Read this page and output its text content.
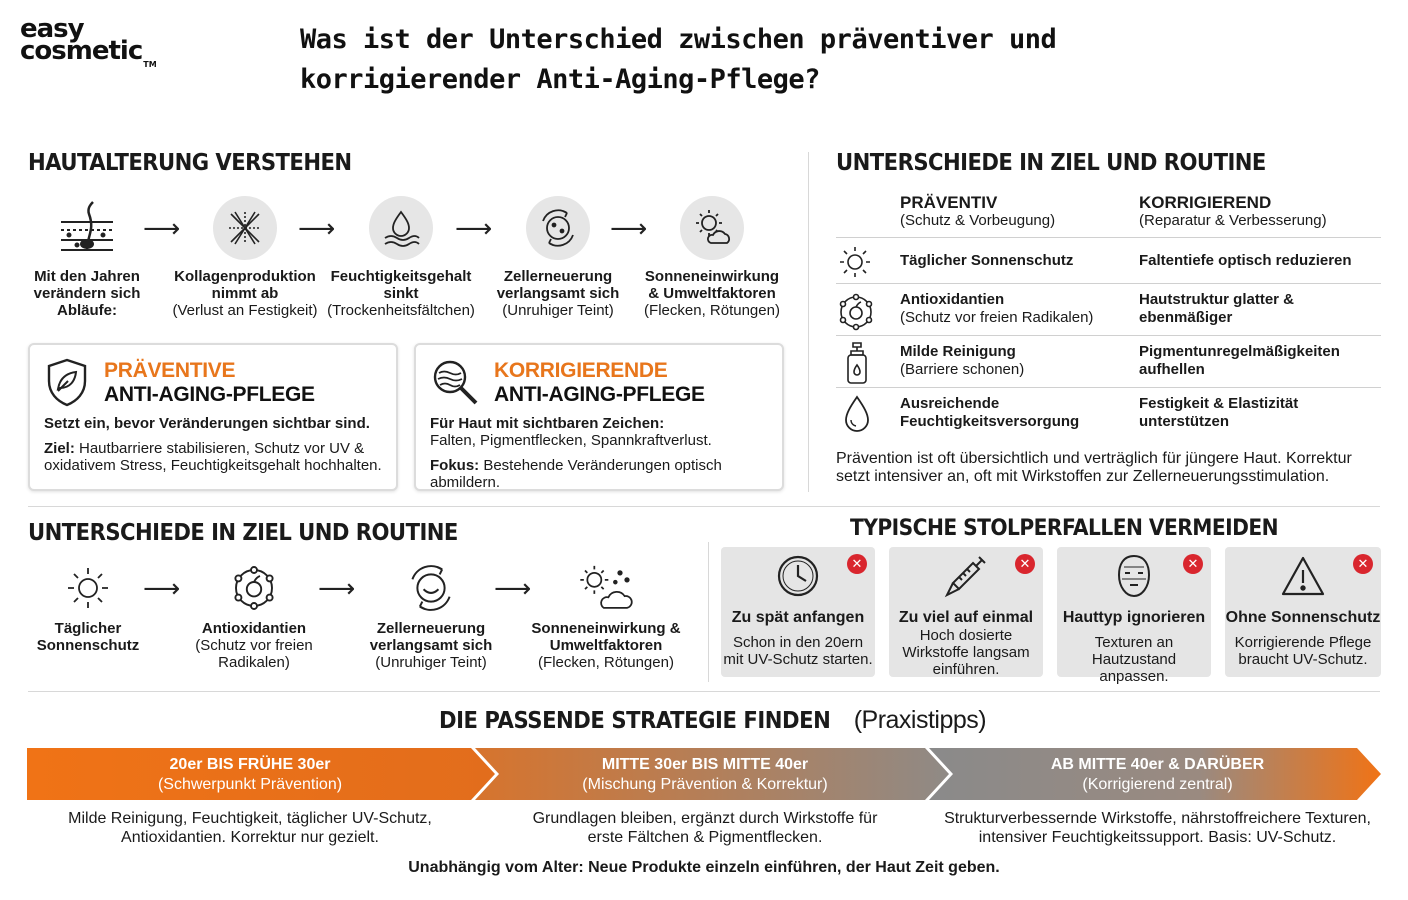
easy
cosmetic™
Was ist der Unterschied zwischen präventiver und
korrigierender Anti-Aging-Pflege?
HAUTALTERUNG VERSTEHEN
Mit den Jahren
verändern sich
Abläufe:
⟶
Kollagenproduktion
nimmt ab
(Verlust an Festigkeit)
⟶
Feuchtigkeitsgehalt
sinkt
(Trockenheitsfältchen)
⟶
Zellerneuerung
verlangsamt sich
(Unruhiger Teint)
⟶
Sonneneinwirkung
& Umweltfaktoren
(Flecken, Rötungen)
PRÄVENTIVE
ANTI-AGING-PFLEGE
Setzt ein, bevor Veränderungen sichtbar sind.
Ziel: Hautbarriere stabilisieren, Schutz vor UV &
oxidativem Stress, Feuchtigkeitsgehalt hochhalten.
KORRIGIERENDE
ANTI-AGING-PFLEGE
Für Haut mit sichtbaren Zeichen:
Falten, Pigmentflecken, Spannkraftverlust.
Fokus: Bestehende Veränderungen optisch abmildern.
UNTERSCHIEDE IN ZIEL UND ROUTINE
PRÄVENTIV
(Schutz & Vorbeugung)
KORRIGIEREND
(Reparatur & Verbesserung)
Täglicher Sonnenschutz	Faltentiefe optisch reduzieren
Antioxidantien
(Schutz vor freien Radikalen)
Hautstruktur glatter &
ebenmäßiger
Milde Reinigung
(Barriere schonen)
Pigmentunregelmäßigkeiten
aufhellen
Ausreichende
Feuchtigkeitsversorgung
Festigkeit & Elastizität
unterstützen
Prävention ist oft übersichtlich und verträglich für jüngere Haut. Korrektur
setzt intensiver an, oft mit Wirkstoffen zur Zellerneuerungsstimulation.
UNTERSCHIEDE IN ZIEL UND ROUTINE
Täglicher
Sonnenschutz
⟶
Antioxidantien
(Schutz vor freien
Radikalen)
⟶
Zellerneuerung
verlangsamt sich
(Unruhiger Teint)
⟶
Sonneneinwirkung &
Umweltfaktoren
(Flecken, Rötungen)
TYPISCHE STOLPERFALLEN VERMEIDEN
✕
Zu spät anfangen
Schon in den 20ern
mit UV-Schutz starten.
✕
Zu viel auf einmal
Hoch dosierte
Wirkstoffe langsam
einführen.
✕
Hauttyp ignorieren
Texturen an
Hautzustand anpassen.
✕
Ohne Sonnenschutz
Korrigierende Pflege
braucht UV-Schutz.
DIE PASSENDE STRATEGIE FINDEN (Praxistipps)
20er BIS FRÜHE 30er
(Schwerpunkt Prävention)
MITTE 30er BIS MITTE 40er
(Mischung Prävention & Korrektur)
AB MITTE 40er & DARÜBER
(Korrigierend zentral)
Milde Reinigung, Feuchtigkeit, täglicher UV-Schutz,
Antioxidantien. Korrektur nur gezielt.
Grundlagen bleiben, ergänzt durch Wirkstoffe für
erste Fältchen & Pigmentflecken.
Strukturverbessernde Wirkstoffe, nährstoffreichere Texturen,
intensiver Feuchtigkeitssupport. Basis: UV-Schutz.
Unabhängig vom Alter: Neue Produkte einzeln einführen, der Haut Zeit geben.
